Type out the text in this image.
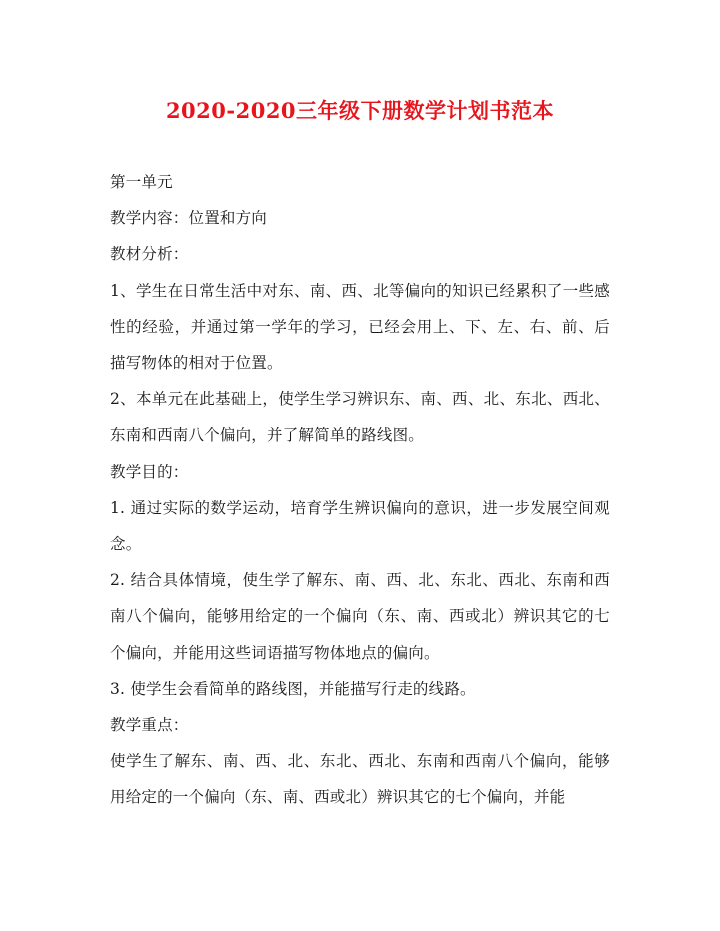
2020-2020三年级下册数学计划书范本

第一单元

教学内容：位置和方向

教材分析：

1、学生在日常生活中对东、南、西、北等偏向的知识已经累积了一些感性的经验，并通过第一学年的学习，已经会用上、下、左、右、前、后描写物体的相对于位置。

2、本单元在此基础上，使学生学习辨识东、南、西、北、东北、西北、东南和西南八个偏向，并了解简单的路线图。

教学目的：

1. 通过实际的数学运动，培育学生辨识偏向的意识，进一步发展空间观念。

2. 结合具体情境，使生学了解东、南、西、北、东北、西北、东南和西南八个偏向，能够用给定的一个偏向（东、南、西或北）辨识其它的七个偏向，并能用这些词语描写物体地点的偏向。

3. 使学生会看简单的路线图，并能描写行走的线路。

教学重点：

使学生了解东、南、西、北、东北、西北、东南和西南八个偏向，能够用给定的一个偏向（东、南、西或北）辨识其它的七个偏向，并能
